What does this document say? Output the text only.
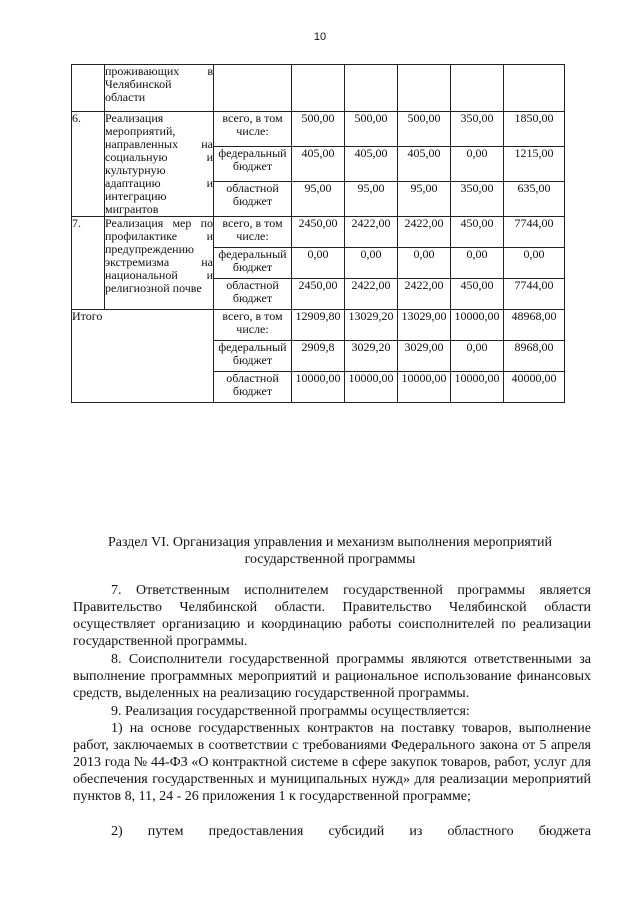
10
	проживающих в Челябинской области						
6.	Реализация мероприятий, направленных на социальную и культурную адаптацию и интеграцию мигрантов	всего, в том числе:	500,00	500,00	500,00	350,00	1850,00
		федеральный бюджет	405,00	405,00	405,00	0,00	1215,00
		областной бюджет	95,00	95,00	95,00	350,00	635,00
7.	Реализация мер по профилактике и предупреждению экстремизма на национальной и религиозной почве	всего, в том числе:	2450,00	2422,00	2422,00	450,00	7744,00
		федеральный бюджет	0,00	0,00	0,00	0,00	0,00
		областной бюджет	2450,00	2422,00	2422,00	450,00	7744,00
Итого		всего, в том числе:	12909,80	13029,20	13029,00	10000,00	48968,00
		федеральный бюджет	2909,8	3029,20	3029,00	0,00	8968,00
		областной бюджет	10000,00	10000,00	10000,00	10000,00	40000,00
Раздел VI. Организация управления и механизм выполнения мероприятий государственной программы

7. Ответственным исполнителем государственной программы является Правительство Челябинской области. Правительство Челябинской области осуществляет организацию и координацию работы соисполнителей по реализации государственной программы.

8. Соисполнители государственной программы являются ответственными за выполнение программных мероприятий и рациональное использование финансовых средств, выделенных на реализацию государственной программы.

9. Реализация государственной программы осуществляется:

1) на основе государственных контрактов на поставку товаров, выполнение работ, заключаемых в соответствии с требованиями Федерального закона от 5 апреля 2013 года № 44-ФЗ «О контрактной системе в сфере закупок товаров, работ, услуг для обеспечения государственных и муниципальных нужд» для реализации мероприятий пунктов 8, 11, 24 - 26 приложения 1 к государственной программе;

2) путем предоставления субсидий из областного бюджета
